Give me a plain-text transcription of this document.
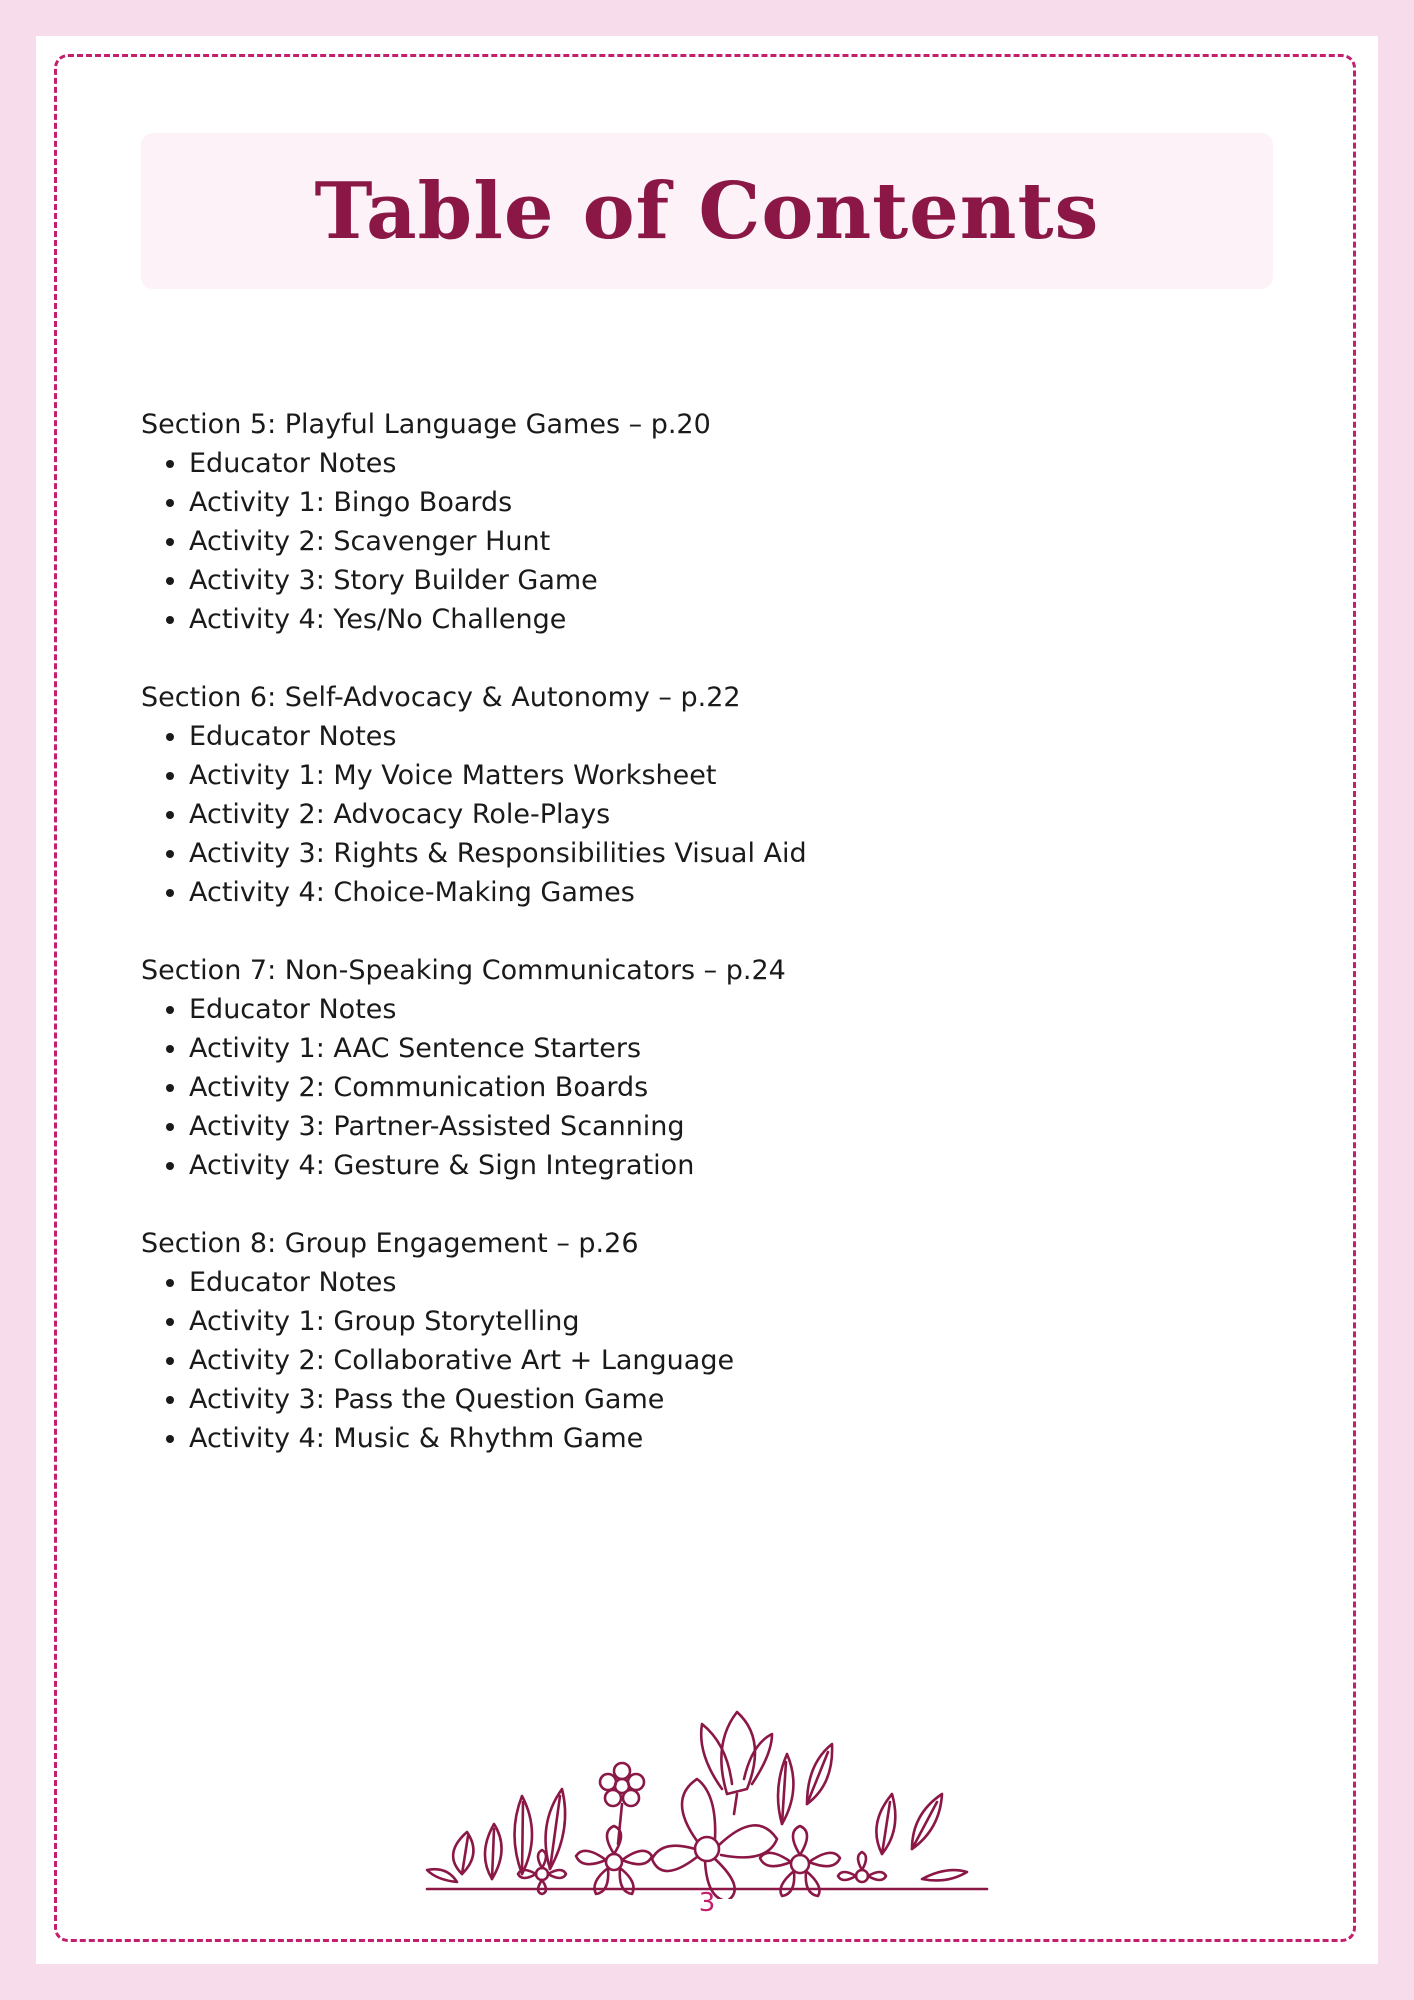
Table of Contents
Section 5: Playful Language Games – p.20
• Educator Notes
• Activity 1: Bingo Boards
• Activity 2: Scavenger Hunt
• Activity 3: Story Builder Game
• Activity 4: Yes/No Challenge
Section 6: Self-Advocacy & Autonomy – p.22
• Educator Notes
• Activity 1: My Voice Matters Worksheet
• Activity 2: Advocacy Role-Plays
• Activity 3: Rights & Responsibilities Visual Aid
• Activity 4: Choice-Making Games
Section 7: Non-Speaking Communicators – p.24
• Educator Notes
• Activity 1: AAC Sentence Starters
• Activity 2: Communication Boards
• Activity 3: Partner-Assisted Scanning
• Activity 4: Gesture & Sign Integration
Section 8: Group Engagement – p.26
• Educator Notes
• Activity 1: Group Storytelling
• Activity 2: Collaborative Art + Language
• Activity 3: Pass the Question Game
• Activity 4: Music & Rhythm Game
3
